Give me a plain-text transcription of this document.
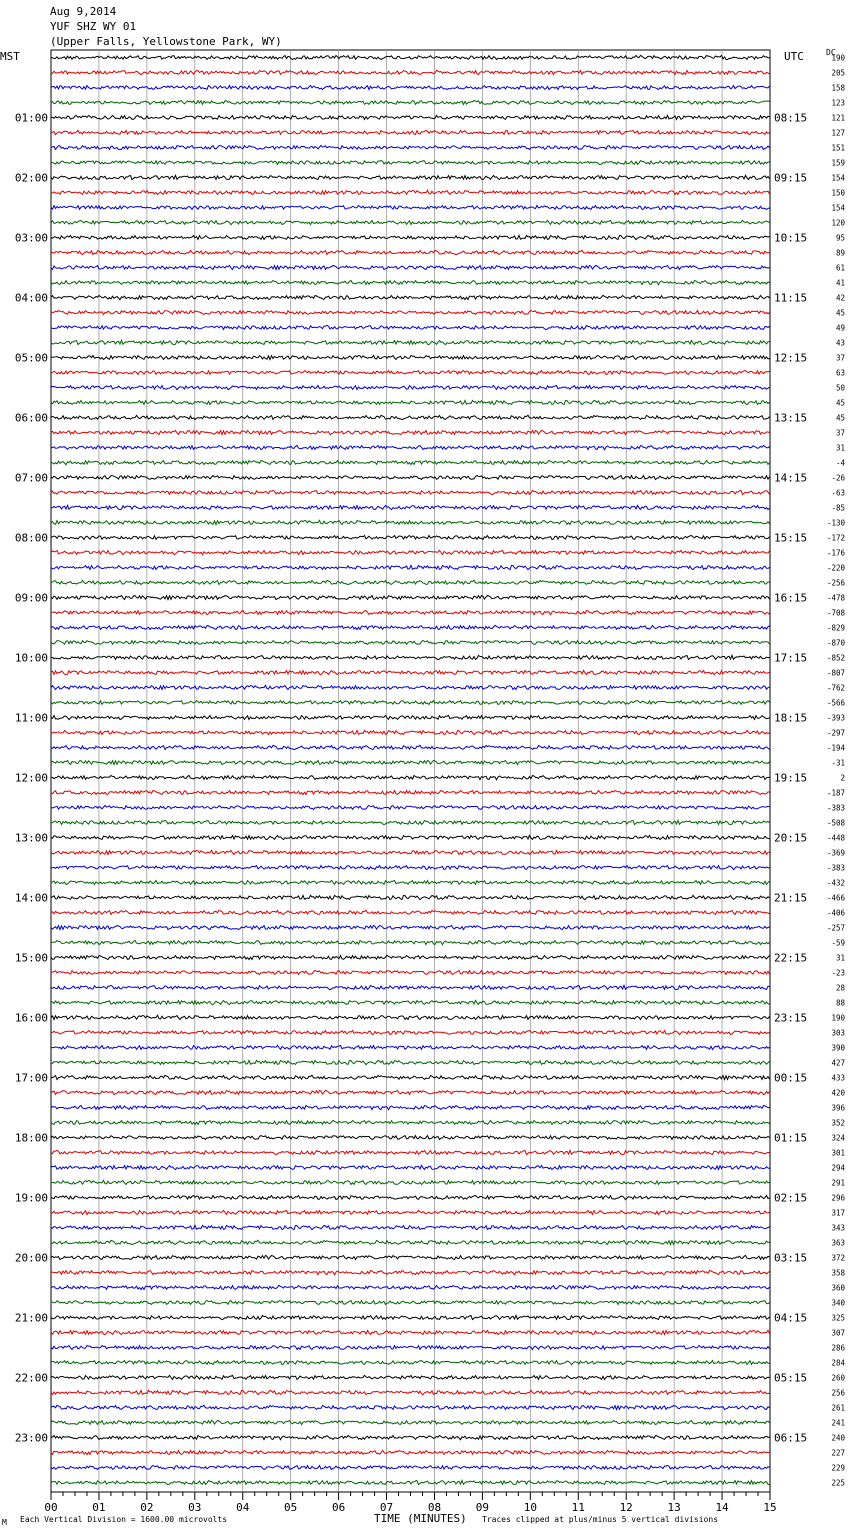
Aug 9,2014
YUF SHZ WY 01
(Upper Falls, Yellowstone Park, WY)
MST	UTC	DC
190
205
158
123
121
127
151
159
154
150
154
120
95
89
61
41
42
45
49
43
37
63
50
45
45
37
31
-4
-26
-63
-85
-130
-172
-176
-220
-256
-478
-708
-829
-870
-852
-807
-762
-566
-393
-297
-194
-31
2
-187
-383
-508
-448
-369
-383
-432
-466
-406
-257
-59
31
-23
28
88
190
303
390
427
433
420
396
352
324
301
294
291
296
317
343
363
372
358
360
340
325
307
286
284
260
256
261
241
240
227
229
225
01:00
02:00
03:00
04:00
05:00
06:00
07:00
08:00
09:00
10:00
11:00
12:00
13:00
14:00
15:00
16:00
17:00
18:00
19:00
20:00
21:00
22:00
23:00
08:15
09:15
10:15
11:15
12:15
13:15
14:15
15:15
16:15
17:15
18:15
19:15
20:15
21:15
22:15
23:15
00:15
01:15
02:15
03:15
04:15
05:15
06:15
00	01	02	03	04	05	06	07	08	09	10	11	12	13	14	15
M Each Vertical Division = 1600.00 microvolts	TIME (MINUTES) Traces clipped at plus/minus 5 vertical divisions
